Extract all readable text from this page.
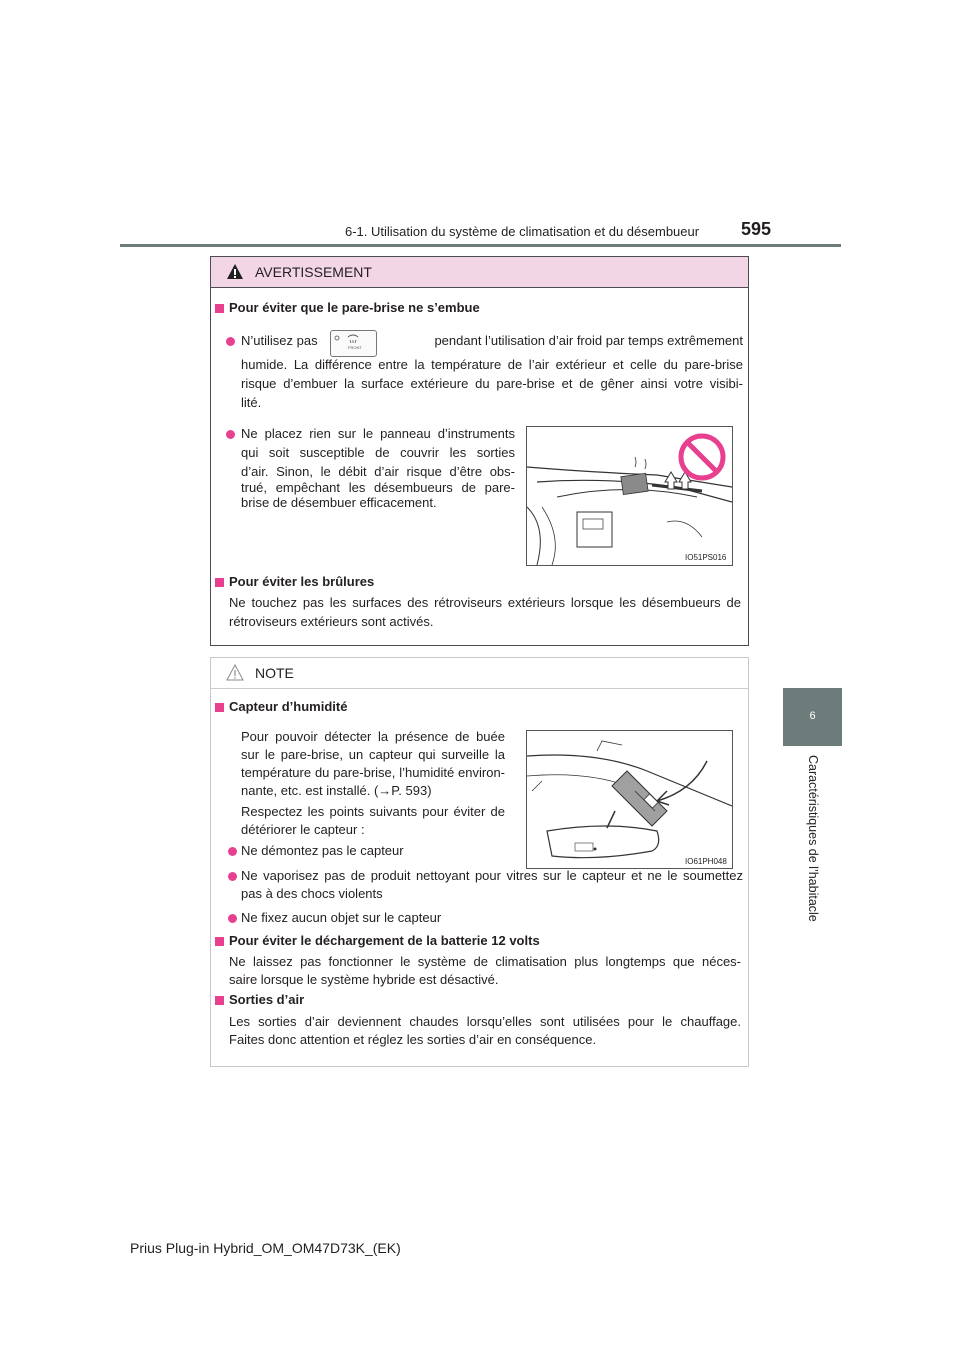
6-1. Utilisation du système de climatisation et du désembueur 595
6
Caractéristiques de l’habitacle
AVERTISSEMENT
Pour éviter que le pare-brise ne s’embue
N’utilisez pas	FRONT	pendant l’utilisation d’air froid par temps extrêmement
humide. La différence entre la température de l’air extérieur et celle du pare-brise
risque d’embuer la surface extérieure du pare-brise et de gêner ainsi votre visibi-
lité.
Ne placez rien sur le panneau d’instruments
qui soit susceptible de couvrir les sorties
d’air. Sinon, le débit d’air risque d’être obs-
trué, empêchant les désembueurs de pare-
brise de désembuer efficacement.
IO51PS016
Pour éviter les brûlures
Ne touchez pas les surfaces des rétroviseurs extérieurs lorsque les désembueurs de
rétroviseurs extérieurs sont activés.
NOTE
Capteur d’humidité
Pour pouvoir détecter la présence de buée
sur le pare-brise, un capteur qui surveille la
température du pare-brise, l’humidité environ-
nante, etc. est installé. (→P. 593)
Respectez les points suivants pour éviter de
détériorer le capteur :
Ne démontez pas le capteur
IO61PH048
Ne vaporisez pas de produit nettoyant pour vitres sur le capteur et ne le soumettez
pas à des chocs violents
Ne fixez aucun objet sur le capteur
Pour éviter le déchargement de la batterie 12 volts
Ne laissez pas fonctionner le système de climatisation plus longtemps que néces-
saire lorsque le système hybride est désactivé.
Sorties d’air
Les sorties d’air deviennent chaudes lorsqu’elles sont utilisées pour le chauffage.
Faites donc attention et réglez les sorties d’air en conséquence.
Prius Plug-in Hybrid_OM_OM47D73K_(EK)
